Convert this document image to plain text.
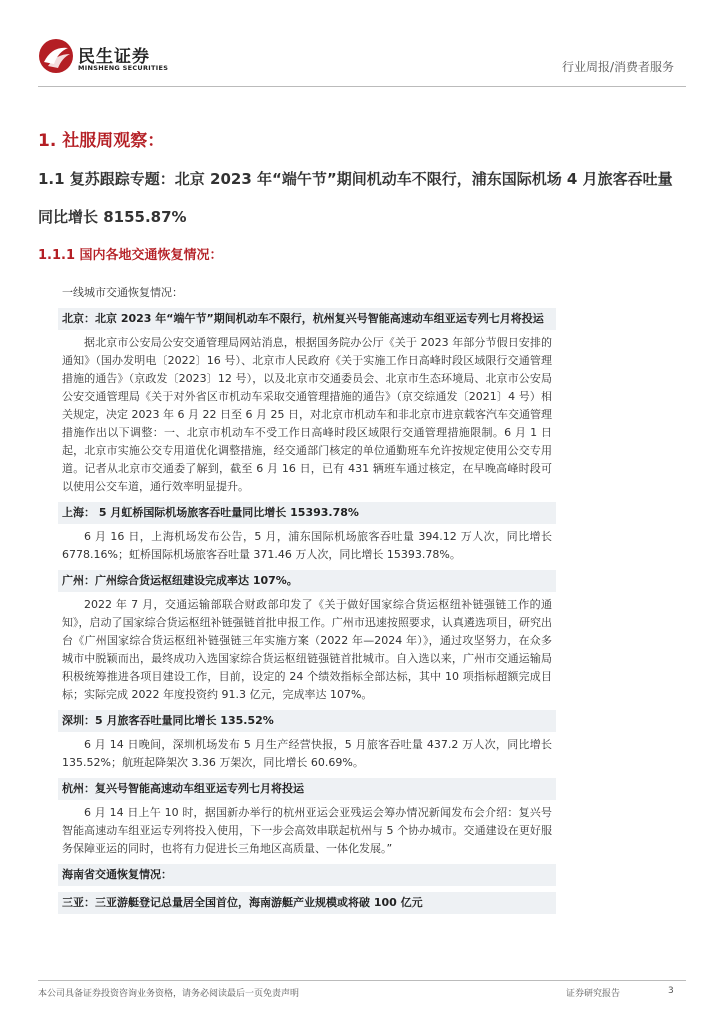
民生证券
MINSHENG SECURITIES	行业周报/消费者服务
1. 社服周观察：
1.1 复苏跟踪专题：北京 2023 年“端午节”期间机动车不限行，浦东国际机场 4 月旅客吞吐量同比增长 8155.87%
1.1.1 国内各地交通恢复情况：

一线城市交通恢复情况：

北京：北京 2023 年“端午节”期间机动车不限行，杭州复兴号智能高速动车组亚运专列七月将投运

据北京市公安局公安交通管理局网站消息，根据国务院办公厅《关于 2023 年部分节假日安排的通知》（国办发明电〔2022〕16 号）、北京市人民政府《关于实施工作日高峰时段区域限行交通管理措施的通告》（京政发〔2023〕12 号），以及北京市交通委员会、北京市生态环境局、北京市公安局公安交通管理局《关于对外省区市机动车采取交通管理措施的通告》（京交综通发〔2021〕4 号）相关规定，决定 2023 年 6 月 22 日至 6 月 25 日，对北京市机动车和非北京市进京载客汽车交通管理措施作出以下调整：一、北京市机动车不受工作日高峰时段区域限行交通管理措施限制。6 月 1 日起，北京市实施公交专用道优化调整措施，经交通部门核定的单位通勤班车允许按规定使用公交专用道。记者从北京市交通委了解到，截至 6 月 16 日，已有 431 辆班车通过核定，在早晚高峰时段可以使用公交车道，通行效率明显提升。

上海： 5 月虹桥国际机场旅客吞吐量同比增长 15393.78%

6 月 16 日，上海机场发布公告，5 月，浦东国际机场旅客吞吐量 394.12 万人次，同比增长 6778.16%；虹桥国际机场旅客吞吐量 371.46 万人次，同比增长 15393.78%。

广州：广州综合货运枢纽建设完成率达 107%。

2022 年 7 月，交通运输部联合财政部印发了《关于做好国家综合货运枢纽补链强链工作的通知》，启动了国家综合货运枢纽补链强链首批申报工作。广州市迅速按照要求，认真遴选项目，研究出台《广州国家综合货运枢纽补链强链三年实施方案（2022 年—2024 年）》，通过攻坚努力，在众多城市中脱颖而出，最终成功入选国家综合货运枢纽链强链首批城市。自入选以来，广州市交通运输局积极统筹推进各项目建设工作，目前，设定的 24 个绩效指标全部达标，其中 10 项指标超额完成目标；实际完成 2022 年度投资约 91.3 亿元，完成率达 107%。

深圳：5 月旅客吞吐量同比增长 135.52%

6 月 14 日晚间，深圳机场发布 5 月生产经营快报，5 月旅客吞吐量 437.2 万人次，同比增长 135.52%；航班起降架次 3.36 万架次，同比增长 60.69%。

杭州：复兴号智能高速动车组亚运专列七月将投运

6 月 14 日上午 10 时，据国新办举行的杭州亚运会亚残运会筹办情况新闻发布会介绍：复兴号智能高速动车组亚运专列将投入使用，下一步会高效串联起杭州与 5 个协办城市。交通建设在更好服务保障亚运的同时，也将有力促进长三角地区高质量、一体化发展。”

海南省交通恢复情况：

三亚：三亚游艇登记总量居全国首位，海南游艇产业规模或将破 100 亿元

本公司具备证券投资咨询业务资格，请务必阅读最后一页免责声明	证券研究报告	3
